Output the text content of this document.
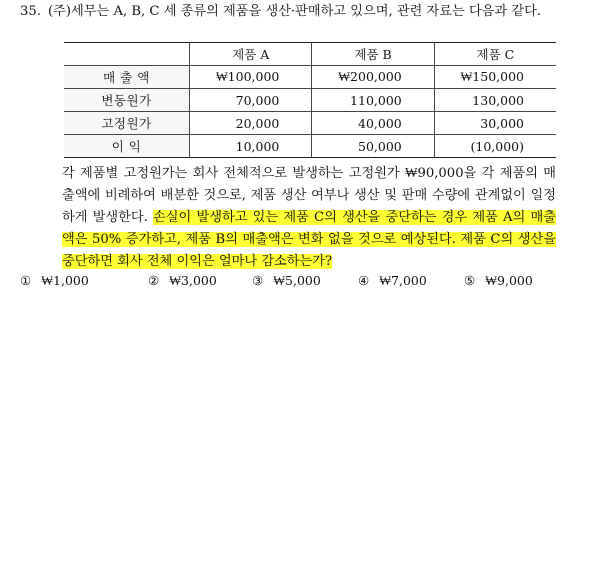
35. (주)세무는 A, B, C 세 종류의 제품을 생산·판매하고 있으며, 관련 자료는 다음과 같다.
	제품 A	제품 B	제품 C
매 출 액	₩100,000	₩200,000	₩150,000
변동원가	70,000	110,000	130,000
고정원가	20,000	40,000	30,000
이 익	10,000	50,000	(10,000)
각 제품별 고정원가는 회사 전체적으로 발생하는 고정원가 ₩90,000을 각 제품의 매출액에 비례하여 배분한 것으로, 제품 생산 여부나 생산 및 판매 수량에 관계없이 일정하게 발생한다. 손실이 발생하고 있는 제품 C의 생산을 중단하는 경우 제품 A의 매출액은 50% 증가하고, 제품 B의 매출액은 변화 없을 것으로 예상된다. 제품 C의 생산을 중단하면 회사 전체 이익은 얼마나 감소하는가?
① ₩1,000	② ₩3,000	③ ₩5,000	④ ₩7,000	⑤ ₩9,000
